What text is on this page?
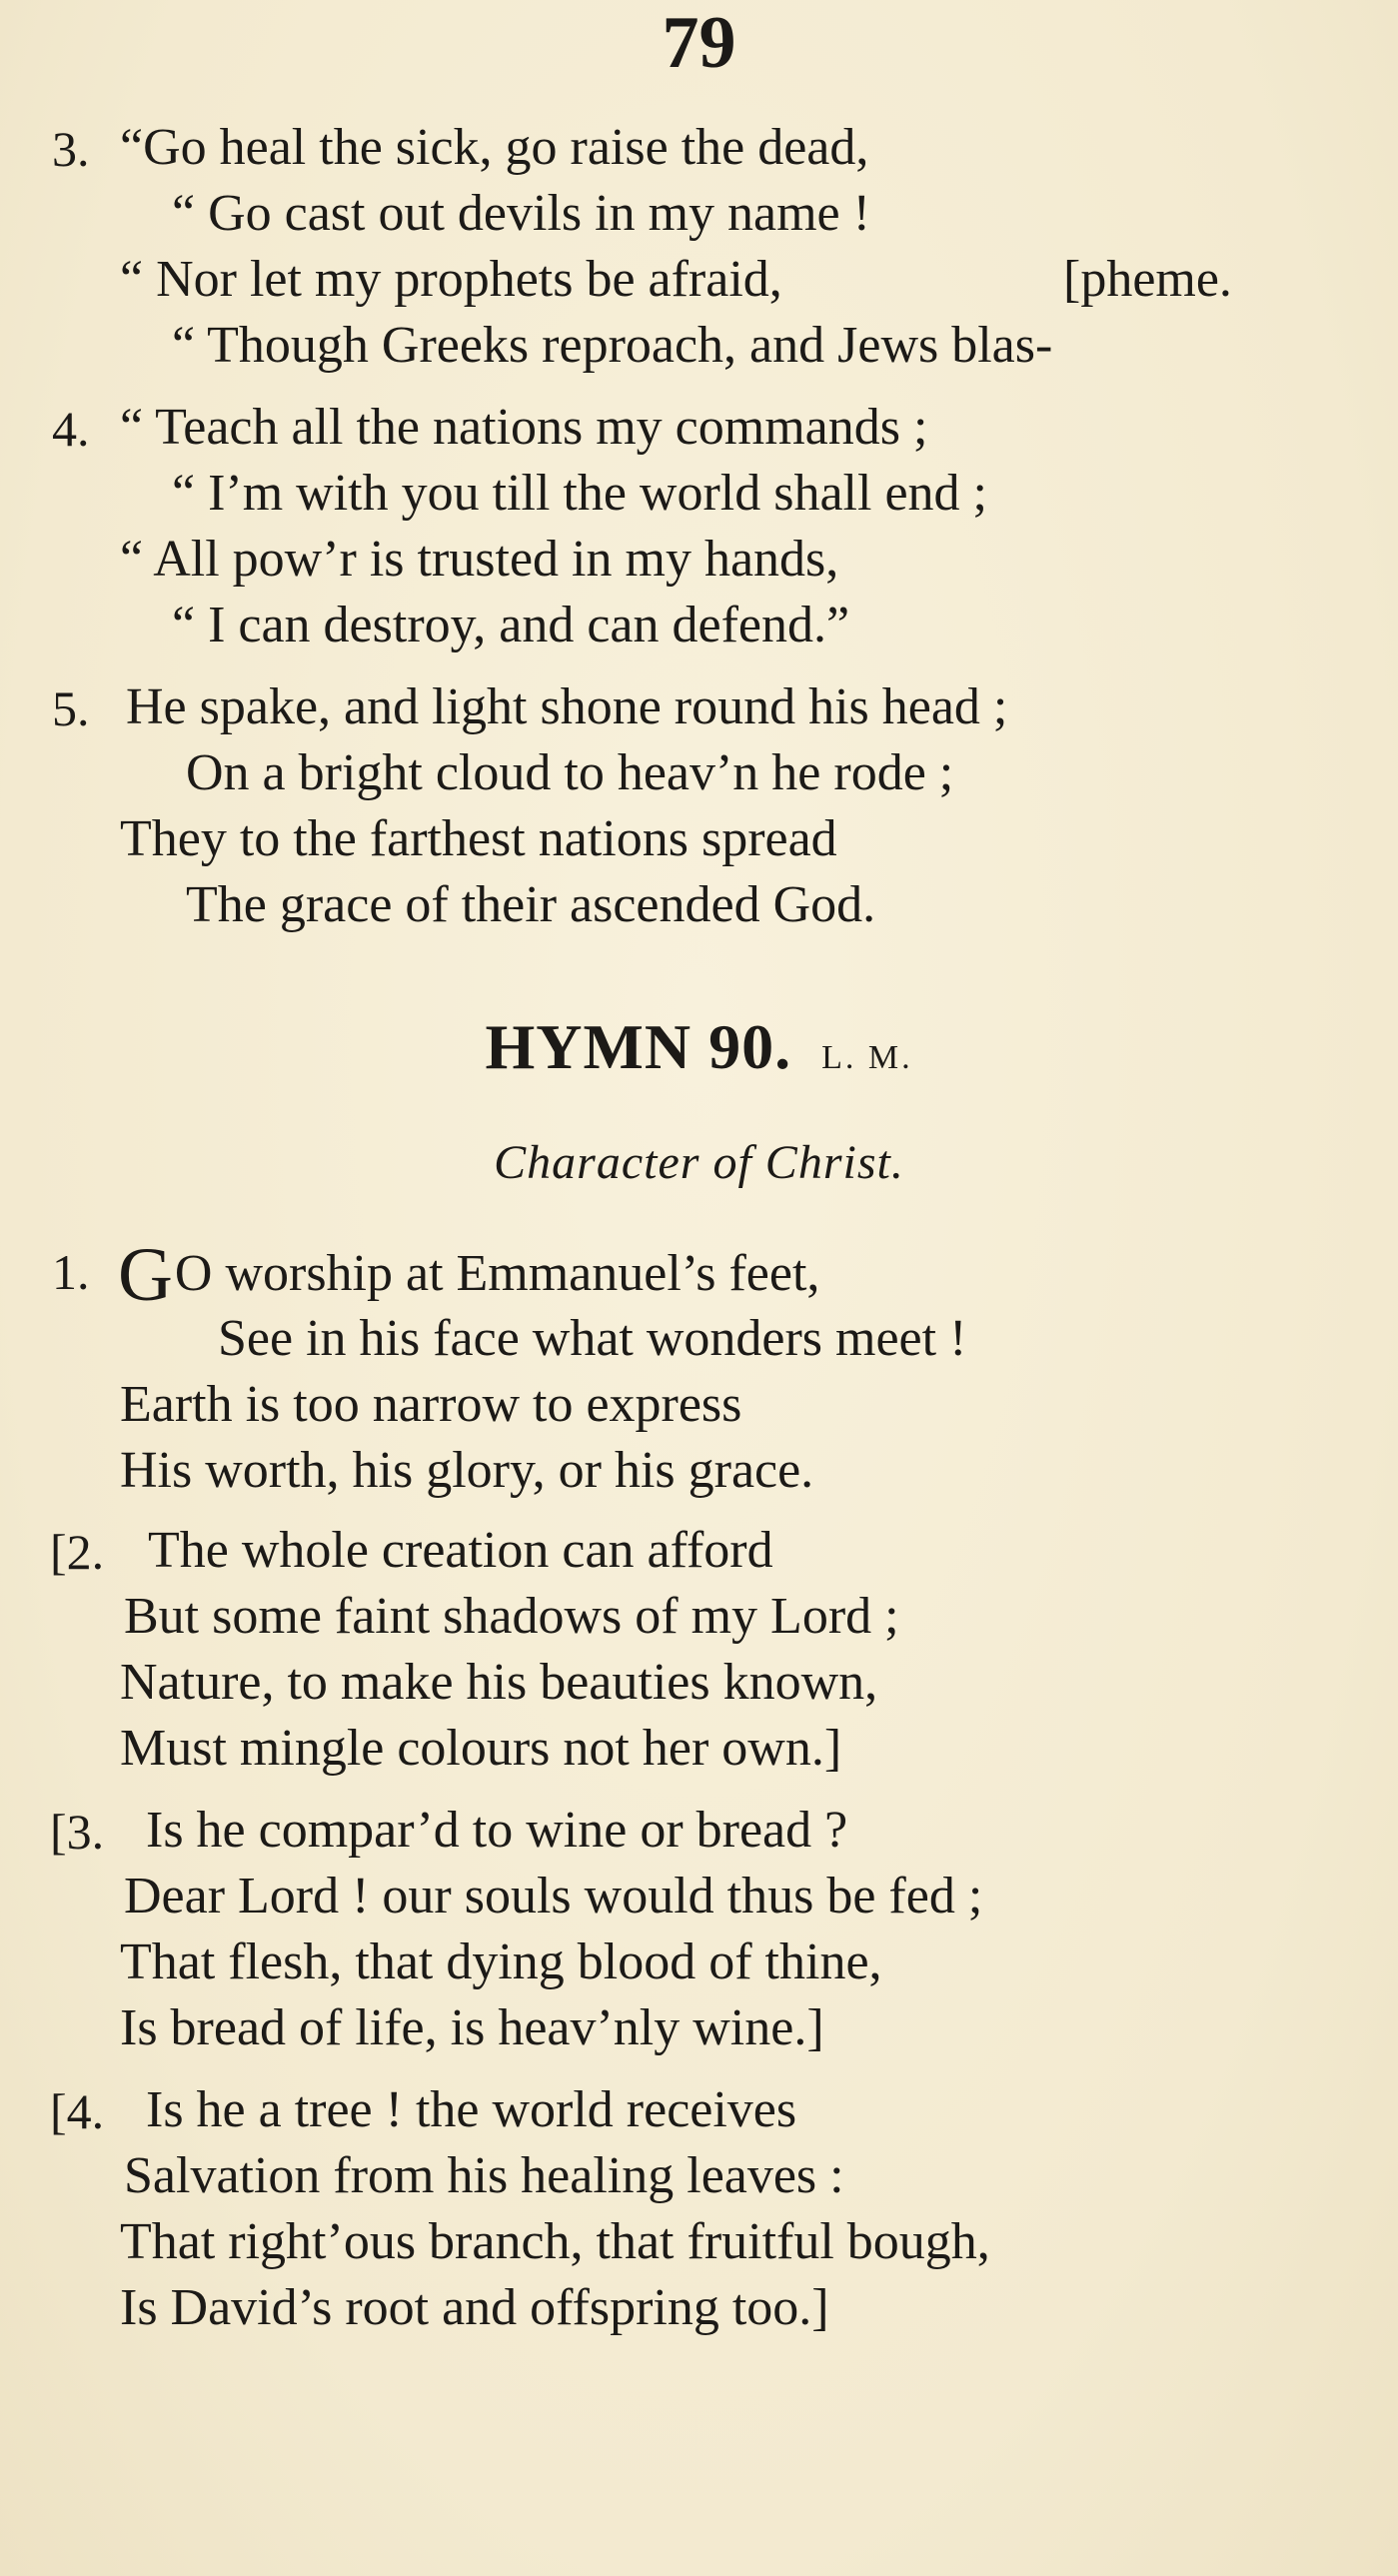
79
3. “Go heal the sick, go raise the dead,
“ Go cast out devils in my name !
“ Nor let my prophets be afraid,	[pheme.
“ Though Greeks reproach, and Jews blas-
4. “ Teach all the nations my commands ;
“ I’m with you till the world shall end ;
“ All pow’r is trusted in my hands,
“ I can destroy, and can defend.”
5. He spake, and light shone round his head ;
On a bright cloud to heav’n he rode ;
They to the farthest nations spread
The grace of their ascended God.
HYMN 90. L. M.
Character of Christ.
1. GO worship at Emmanuel’s feet,
See in his face what wonders meet !
Earth is too narrow to express
His worth, his glory, or his grace.
[2. The whole creation can afford
But some faint shadows of my Lord ;
Nature, to make his beauties known,
Must mingle colours not her own.]
[3. Is he compar’d to wine or bread ?
Dear Lord ! our souls would thus be fed ;
That flesh, that dying blood of thine,
Is bread of life, is heav’nly wine.]
[4. Is he a tree ! the world receives
Salvation from his healing leaves :
That right’ous branch, that fruitful bough,
Is David’s root and offspring too.]
